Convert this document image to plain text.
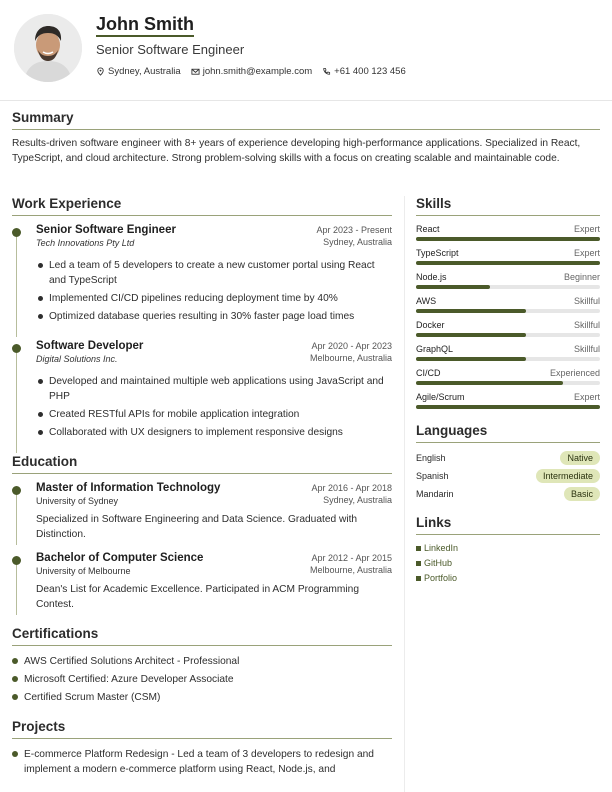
John Smith
Senior Software Engineer
Sydney, Australia john.smith@example.com +61 400 123 456
Summary

Results-driven software engineer with 8+ years of experience developing high-performance applications. Specialized in React, TypeScript, and cloud architecture. Strong problem-solving skills with a focus on creating scalable and maintainable code.

Work Experience
Senior Software Engineer
Tech Innovations Pty Ltd
Apr 2023 - Present
Sydney, Australia
Led a team of 5 developers to create a new customer portal using React and TypeScript
Implemented CI/CD pipelines reducing deployment time by 40%
Optimized database queries resulting in 30% faster page load times
Software Developer
Digital Solutions Inc.
Apr 2020 - Apr 2023
Melbourne, Australia
Developed and maintained multiple web applications using JavaScript and PHP
Created RESTful APIs for mobile application integration
Collaborated with UX designers to implement responsive designs
Education
Master of Information Technology
University of Sydney
Apr 2016 - Apr 2018
Sydney, Australia
Specialized in Software Engineering and Data Science. Graduated with Distinction.
Bachelor of Computer Science
University of Melbourne
Apr 2012 - Apr 2015
Melbourne, Australia
Dean's List for Academic Excellence. Participated in ACM Programming Contest.
Certifications
AWS Certified Solutions Architect - Professional
Microsoft Certified: Azure Developer Associate
Certified Scrum Master (CSM)
Projects
E-commerce Platform Redesign - Led a team of 3 developers to redesign and implement a modern e-commerce platform using React, Node.js, and
Skills
React	Expert
TypeScript	Expert
Node.js	Beginner
AWS	Skillful
Docker	Skillful
GraphQL	Skillful
CI/CD	Experienced
Agile/Scrum	Expert
Languages
English	Native
Spanish	Intermediate
Mandarin	Basic
Links
LinkedIn
GitHub
Portfolio
